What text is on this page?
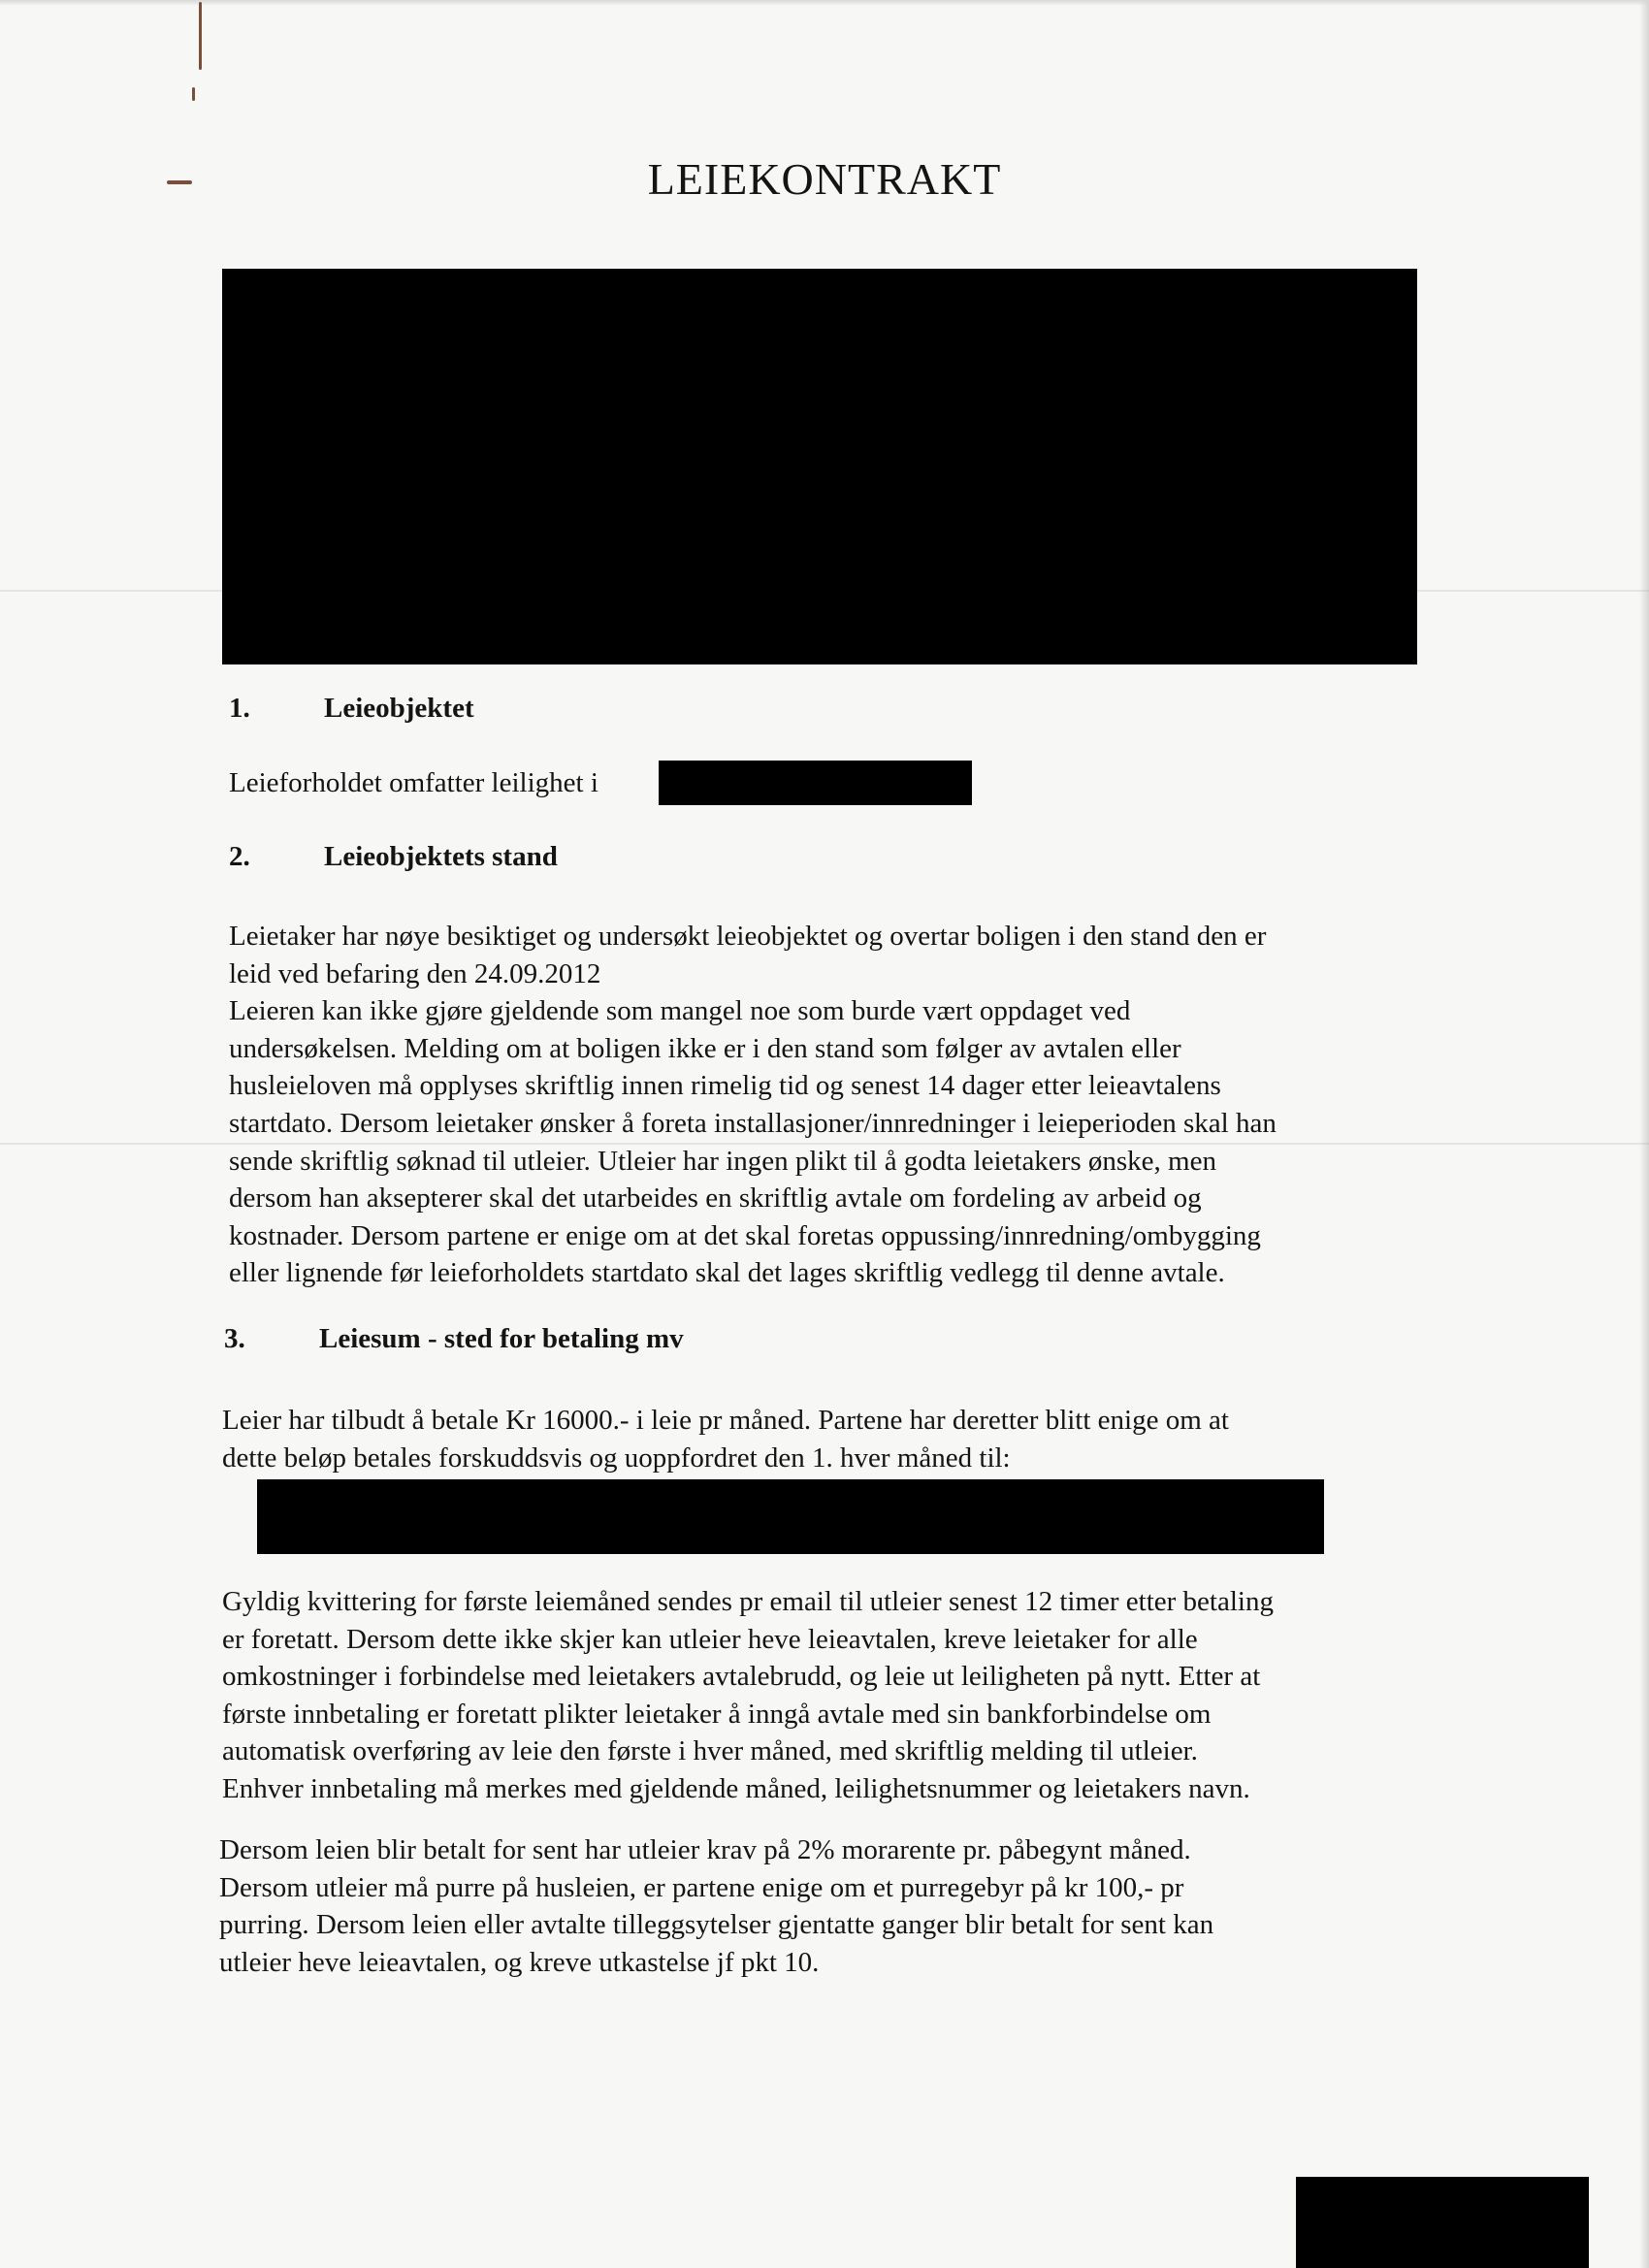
LEIEKONTRAKT
1.	Leieobjektet

Leieforholdet omfatter leilighet i

2.	Leieobjektets stand

Leietaker har nøye besiktiget og undersøkt leieobjektet og overtar boligen i den stand den er
leid ved befaring den 24.09.2012
Leieren kan ikke gjøre gjeldende som mangel noe som burde vært oppdaget ved
undersøkelsen. Melding om at boligen ikke er i den stand som følger av avtalen eller
husleieloven må opplyses skriftlig innen rimelig tid og senest 14 dager etter leieavtalens
startdato. Dersom leietaker ønsker å foreta installasjoner/innredninger i leieperioden skal han
sende skriftlig søknad til utleier. Utleier har ingen plikt til å godta leietakers ønske, men
dersom han aksepterer skal det utarbeides en skriftlig avtale om fordeling av arbeid og
kostnader. Dersom partene er enige om at det skal foretas oppussing/innredning/ombygging
eller lignende før leieforholdets startdato skal det lages skriftlig vedlegg til denne avtale.

3.	Leiesum - sted for betaling mv

Leier har tilbudt å betale Kr 16000.- i leie pr måned. Partene har deretter blitt enige om at
dette beløp betales forskuddsvis og uoppfordret den 1. hver måned til:

Gyldig kvittering for første leiemåned sendes pr email til utleier senest 12 timer etter betaling
er foretatt. Dersom dette ikke skjer kan utleier heve leieavtalen, kreve leietaker for alle
omkostninger i forbindelse med leietakers avtalebrudd, og leie ut leiligheten på nytt. Etter at
første innbetaling er foretatt plikter leietaker å inngå avtale med sin bankforbindelse om
automatisk overføring av leie den første i hver måned, med skriftlig melding til utleier.
Enhver innbetaling må merkes med gjeldende måned, leilighetsnummer og leietakers navn.

Dersom leien blir betalt for sent har utleier krav på 2% morarente pr. påbegynt måned.
Dersom utleier må purre på husleien, er partene enige om et purregebyr på kr 100,- pr
purring. Dersom leien eller avtalte tilleggsytelser gjentatte ganger blir betalt for sent kan
utleier heve leieavtalen, og kreve utkastelse jf pkt 10.
